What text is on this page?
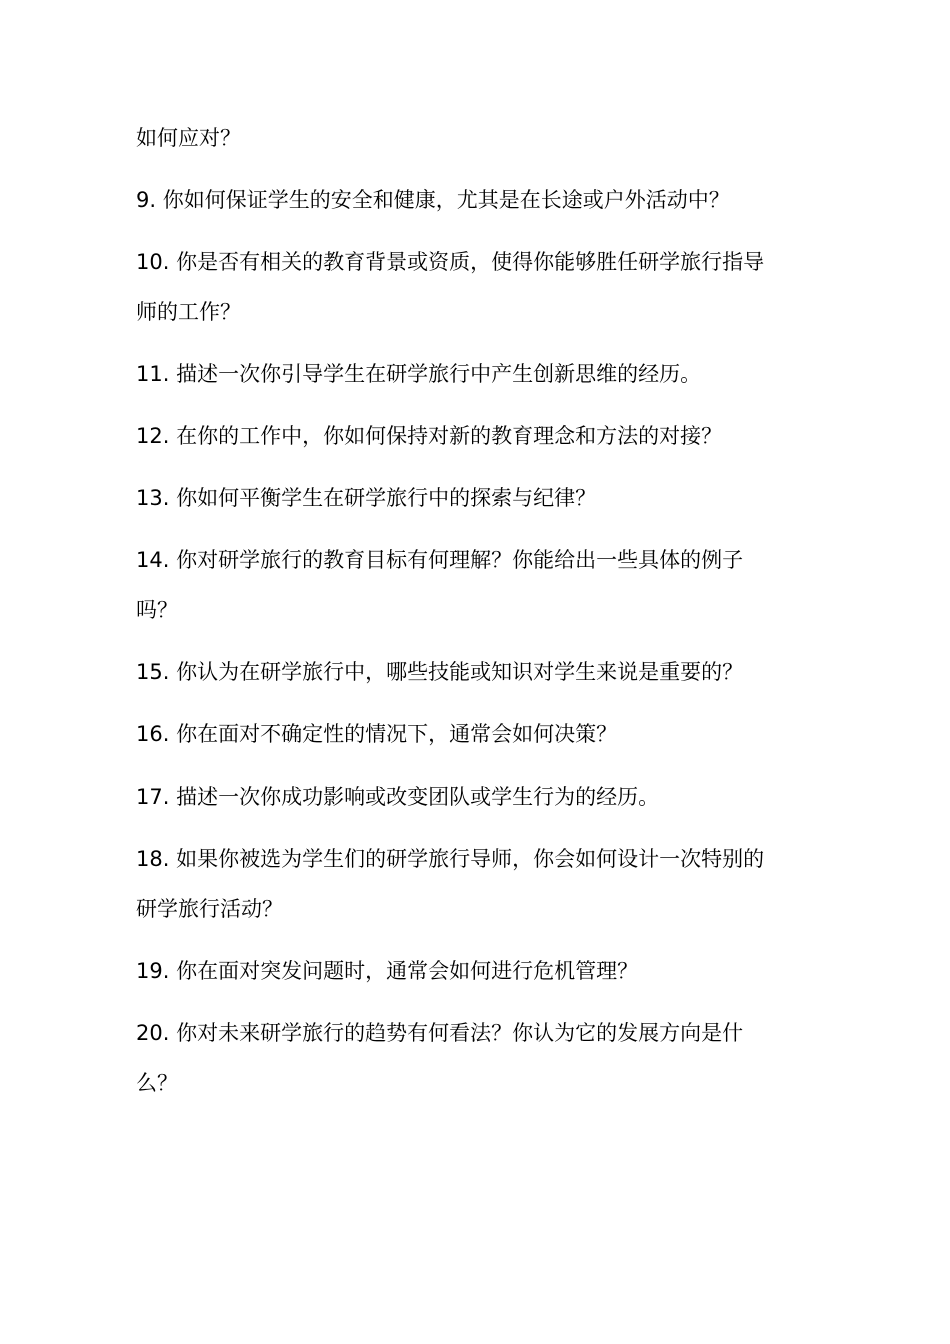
如何应对？

9. 你如何保证学生的安全和健康，尤其是在长途或户外活动中？

10. 你是否有相关的教育背景或资质，使得你能够胜任研学旅行指导
师的工作？

11. 描述一次你引导学生在研学旅行中产生创新思维的经历。

12. 在你的工作中，你如何保持对新的教育理念和方法的对接？

13. 你如何平衡学生在研学旅行中的探索与纪律？

14. 你对研学旅行的教育目标有何理解？你能给出一些具体的例子
吗？

15. 你认为在研学旅行中，哪些技能或知识对学生来说是重要的？

16. 你在面对不确定性的情况下，通常会如何决策？

17. 描述一次你成功影响或改变团队或学生行为的经历。

18. 如果你被选为学生们的研学旅行导师，你会如何设计一次特别的
研学旅行活动？

19. 你在面对突发问题时，通常会如何进行危机管理？

20. 你对未来研学旅行的趋势有何看法？你认为它的发展方向是什
么？
